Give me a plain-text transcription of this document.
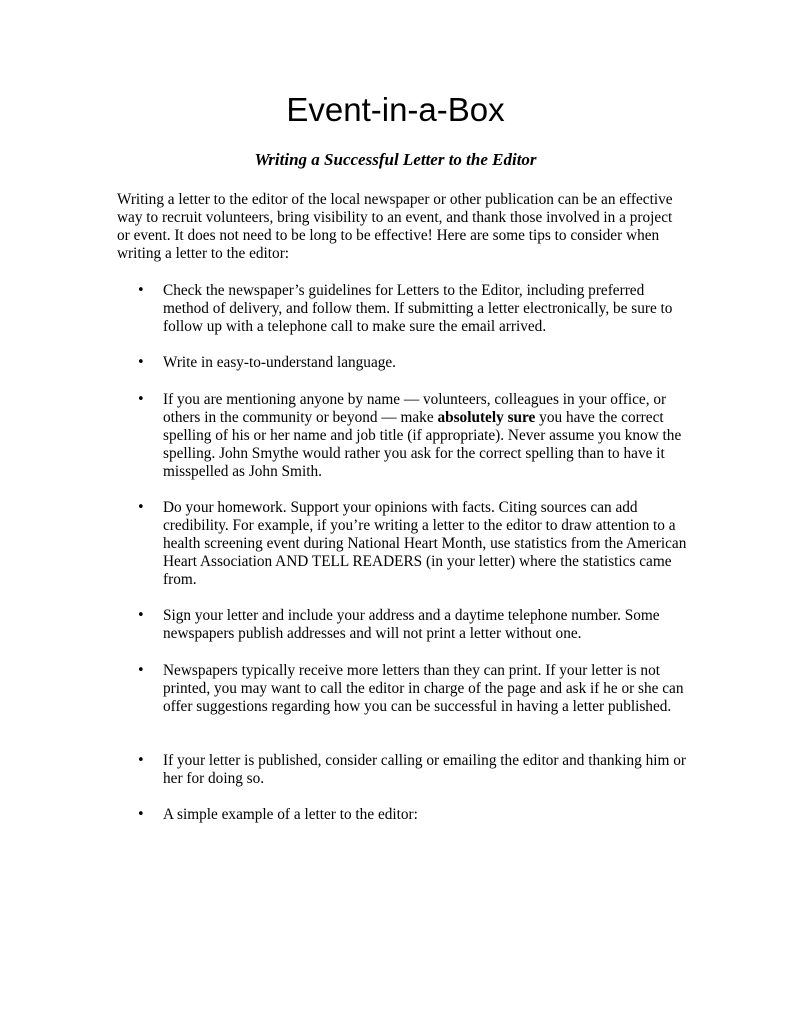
Event-in-a-Box
Writing a Successful Letter to the Editor

Writing a letter to the editor of the local newspaper or other publication can be an effective way to recruit volunteers, bring visibility to an event, and thank those involved in a project or event. It does not need to be long to be effective! Here are some tips to consider when writing a letter to the editor:

• Check the newspaper’s guidelines for Letters to the Editor, including preferred method of delivery, and follow them. If submitting a letter electronically, be sure to follow up with a telephone call to make sure the email arrived.
• Write in easy-to-understand language.
• If you are mentioning anyone by name — volunteers, colleagues in your office, or others in the community or beyond — make absolutely sure you have the correct spelling of his or her name and job title (if appropriate). Never assume you know the spelling. John Smythe would rather you ask for the correct spelling than to have it misspelled as John Smith.
• Do your homework. Support your opinions with facts. Citing sources can add credibility. For example, if you’re writing a letter to the editor to draw attention to a health screening event during National Heart Month, use statistics from the American Heart Association AND TELL READERS (in your letter) where the statistics came from.
• Sign your letter and include your address and a daytime telephone number. Some newspapers publish addresses and will not print a letter without one.
• Newspapers typically receive more letters than they can print. If your letter is not printed, you may want to call the editor in charge of the page and ask if he or she can offer suggestions regarding how you can be successful in having a letter published.
• If your letter is published, consider calling or emailing the editor and thanking him or her for doing so.
• A simple example of a letter to the editor:
